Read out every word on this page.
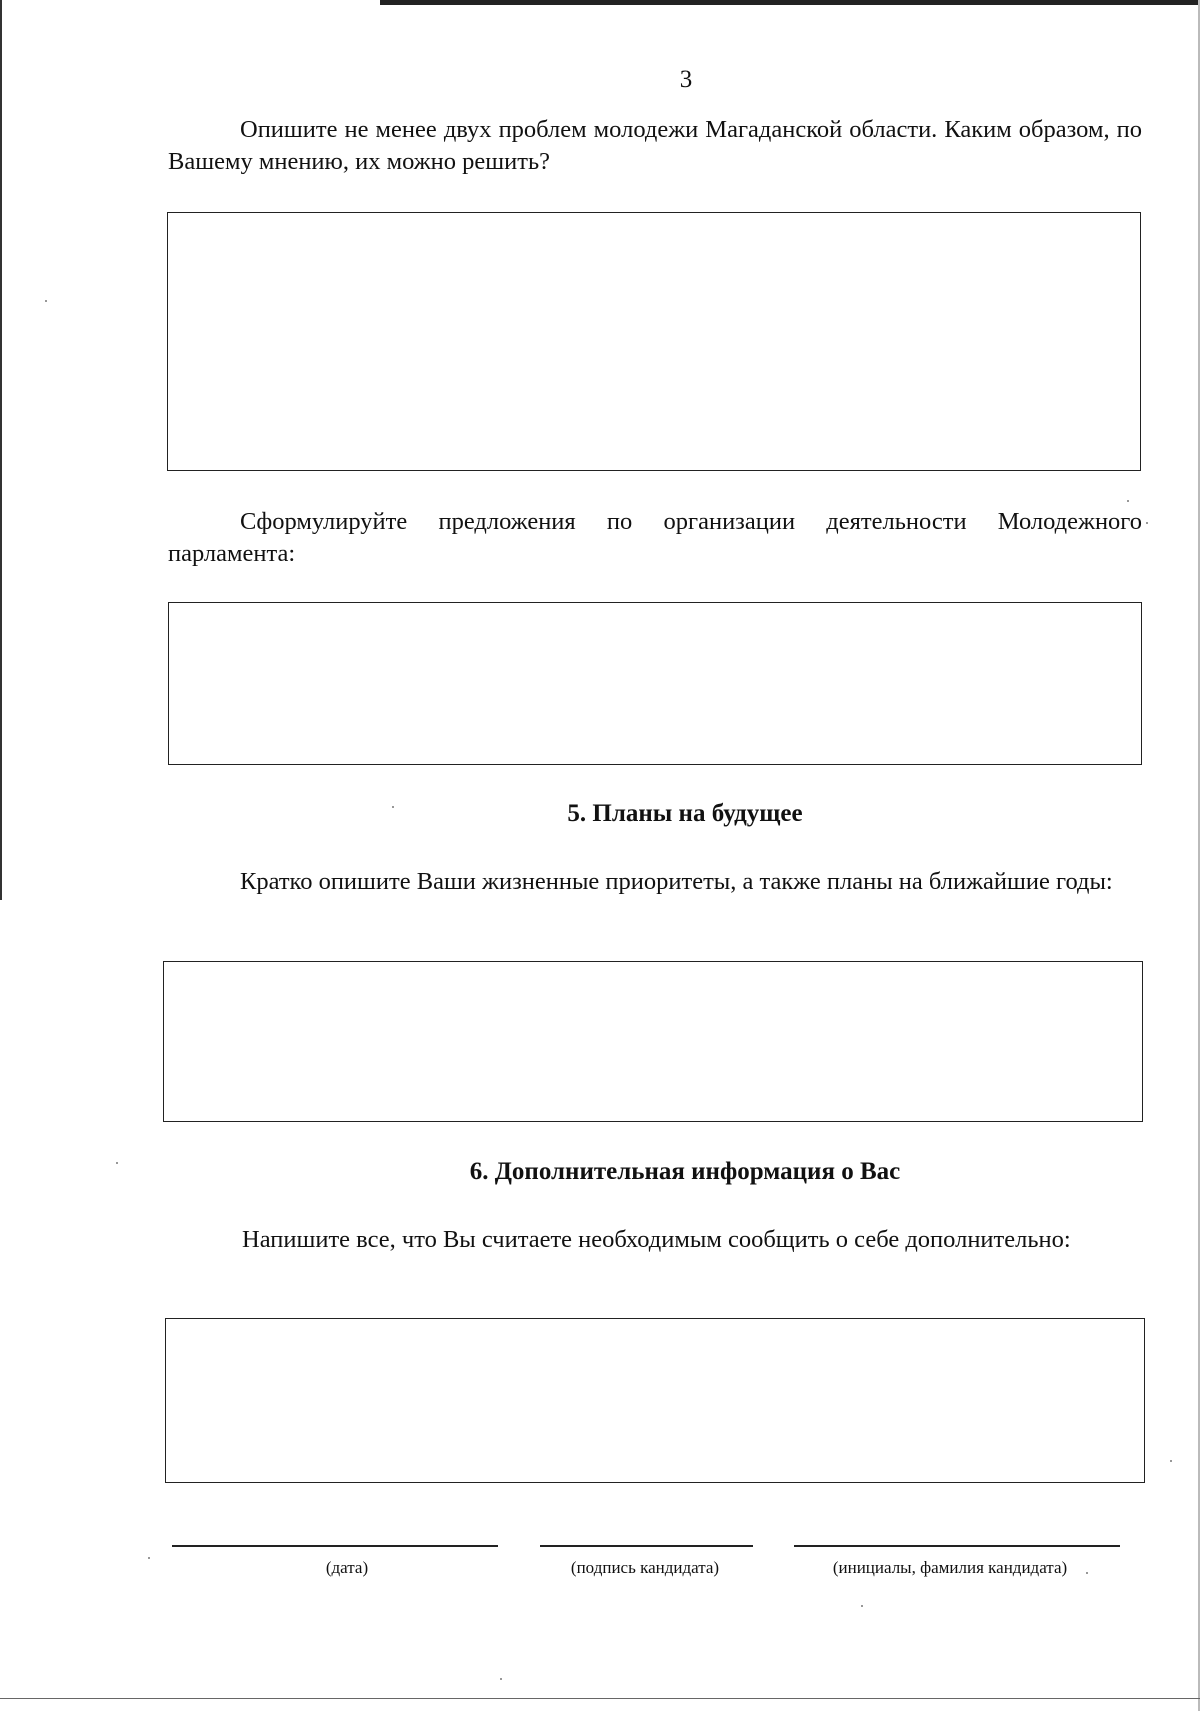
3
Опишите не менее двух проблем молодежи Магаданской области. Каким образом, по Вашему мнению, их можно решить?
Сформулируйте предложения по организации деятельности Молодежного парламента:
5. Планы на будущее
Кратко опишите Ваши жизненные приоритеты, а также планы на ближайшие годы:
6. Дополнительная информация о Вас
Напишите все, что Вы считаете необходимым сообщить о себе дополнительно:
(дата)	(подпись кандидата)	(инициалы, фамилия кандидата)
